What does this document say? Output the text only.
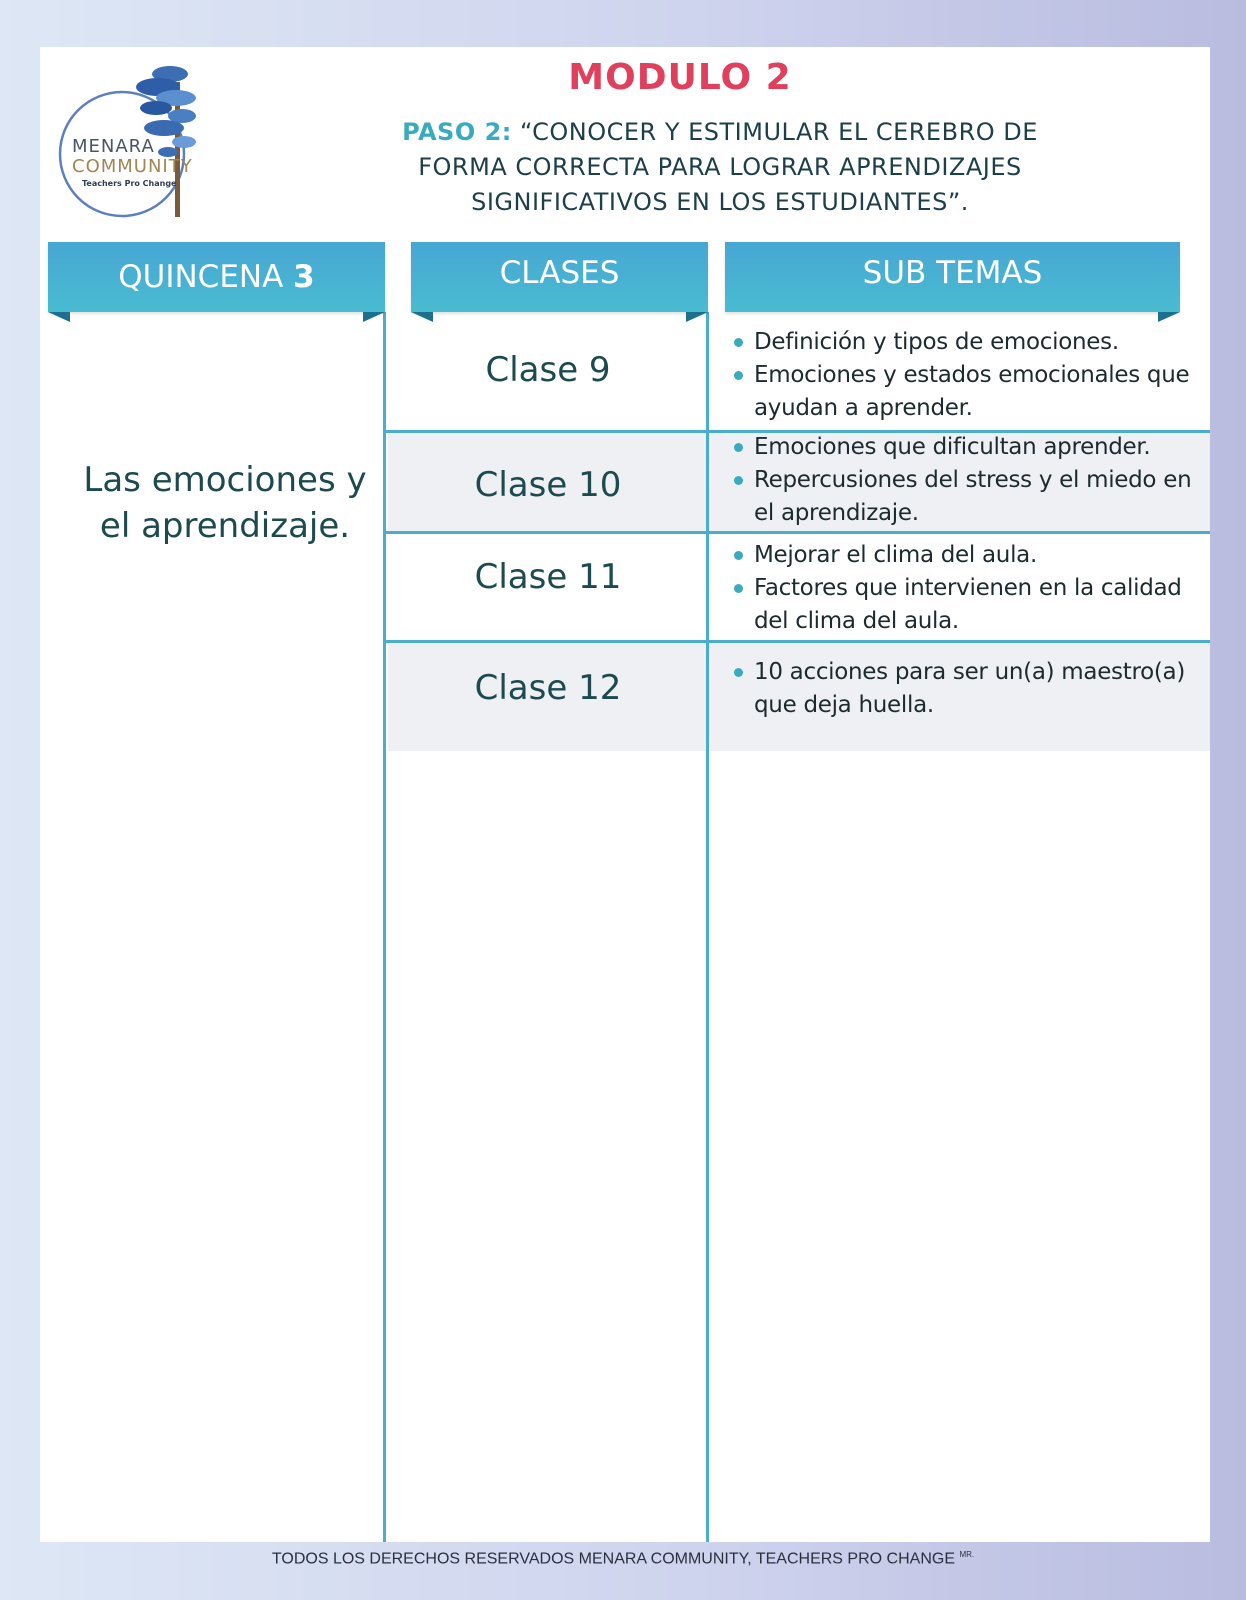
MENARA
COMMUNITY
Teachers Pro Change
MODULO 2
PASO 2: “CONOCER Y ESTIMULAR EL CEREBRO DE
FORMA CORRECTA PARA LOGRAR APRENDIZAJES
SIGNIFICATIVOS EN LOS ESTUDIANTES”.
QUINCENA 3	CLASES	SUB TEMAS
Las emociones y
el aprendizaje.
Clase 9
Clase 10
Clase 11
Clase 12
Definición y tipos de emociones.
Emociones y estados emocionales que ayudan a aprender.
Emociones que dificultan aprender.
Repercusiones del stress y el miedo en el aprendizaje.
Mejorar el clima del aula.
Factores que intervienen en la calidad del clima del aula.
10 acciones para ser un(a) maestro(a) que deja huella.
TODOS LOS DERECHOS RESERVADOS MENARA COMMUNITY, TEACHERS PRO CHANGE $^{MR.}$
